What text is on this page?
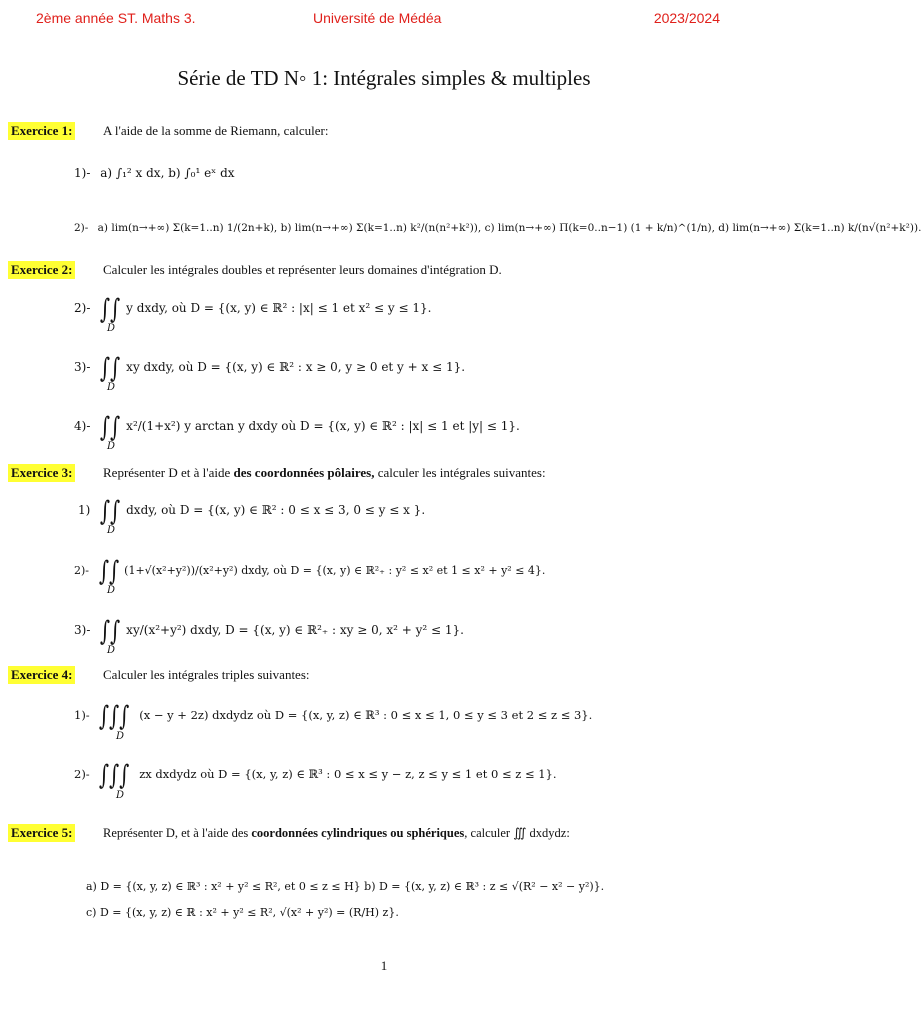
2ème année ST. Maths 3.	Université de Médéa	2023/2024
Série de TD N◦ 1: Intégrales simples & multiples
Exercice 1: A l'aide de la somme de Riemann, calculer:
1)- a) ∫₁² x dx, b) ∫₀¹ eˣ dx
2)- a) lim(n→+∞) Σ(k=1..n) 1/(2n+k), b) lim(n→+∞) Σ(k=1..n) k²/(n(n²+k²)), c) lim(n→+∞) Π(k=0..n−1) (1 + k/n)^(1/n), d) lim(n→+∞) Σ(k=1..n) k/(n√(n²+k²)).
Exercice 2: Calculer les intégrales doubles et représenter leurs domaines d'intégration D.
2)- ∫∫ y dxdy, où D = {(x, y) ∈ ℝ² : |x| ≤ 1 et x² ≤ y ≤ 1}.
D
3)- ∫∫ xy dxdy, où D = {(x, y) ∈ ℝ² : x ≥ 0, y ≥ 0 et y + x ≤ 1}.
D
4)- ∫∫ x²/(1+x²) y arctan y dxdy où D = {(x, y) ∈ ℝ² : |x| ≤ 1 et |y| ≤ 1}.
D
Exercice 3: Représenter D et à l'aide des coordonnées pôlaires, calculer les intégrales suivantes:
1) ∫∫ dxdy, où D = {(x, y) ∈ ℝ² : 0 ≤ x ≤ 3, 0 ≤ y ≤ x }.
D
2)- ∫∫ (1+√(x²+y²))/(x²+y²) dxdy, où D = {(x, y) ∈ ℝ²₊ : y² ≤ x² et 1 ≤ x² + y² ≤ 4}.
D
3)- ∫∫ xy/(x²+y²) dxdy, D = {(x, y) ∈ ℝ²₊ : xy ≥ 0, x² + y² ≤ 1}.
D
Exercice 4: Calculer les intégrales triples suivantes:
1)- ∫∫∫ (x − y + 2z) dxdydz où D = {(x, y, z) ∈ ℝ³ : 0 ≤ x ≤ 1, 0 ≤ y ≤ 3 et 2 ≤ z ≤ 3}.
D
2)- ∫∫∫ zx dxdydz où D = {(x, y, z) ∈ ℝ³ : 0 ≤ x ≤ y − z, z ≤ y ≤ 1 et 0 ≤ z ≤ 1}.
D
Exercice 5: Représenter D, et à l'aide des coordonnées cylindriques ou sphériques, calculer ∭ dxdydz:
a) D = {(x, y, z) ∈ ℝ³ : x² + y² ≤ R², et 0 ≤ z ≤ H} b) D = {(x, y, z) ∈ ℝ³ : z ≤ √(R² − x² − y²)}.
c) D = {(x, y, z) ∈ ℝ : x² + y² ≤ R², √(x² + y²) = (R/H) z}.
1
